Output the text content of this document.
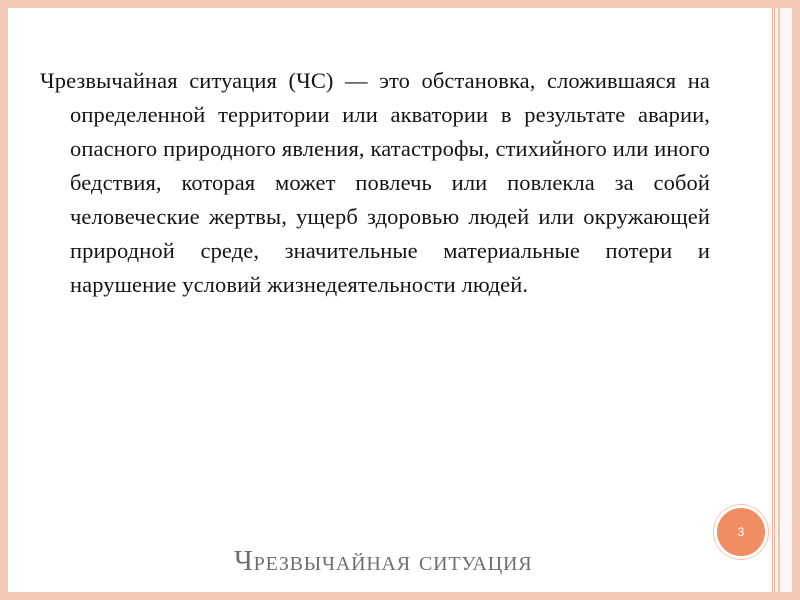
Чрезвычайная ситуация (ЧС) — это обстановка, сложившаяся на определенной территории или акватории в результате аварии, опасного природного явления, катастрофы, стихийного или иного бедствия, которая может повлечь или повлекла за собой человеческие жертвы, ущерб здоровью людей или окружающей природной среде, значительные материальные потери и нарушение условий жизнедеятельности людей.

Чрезвычайная ситуация
3
